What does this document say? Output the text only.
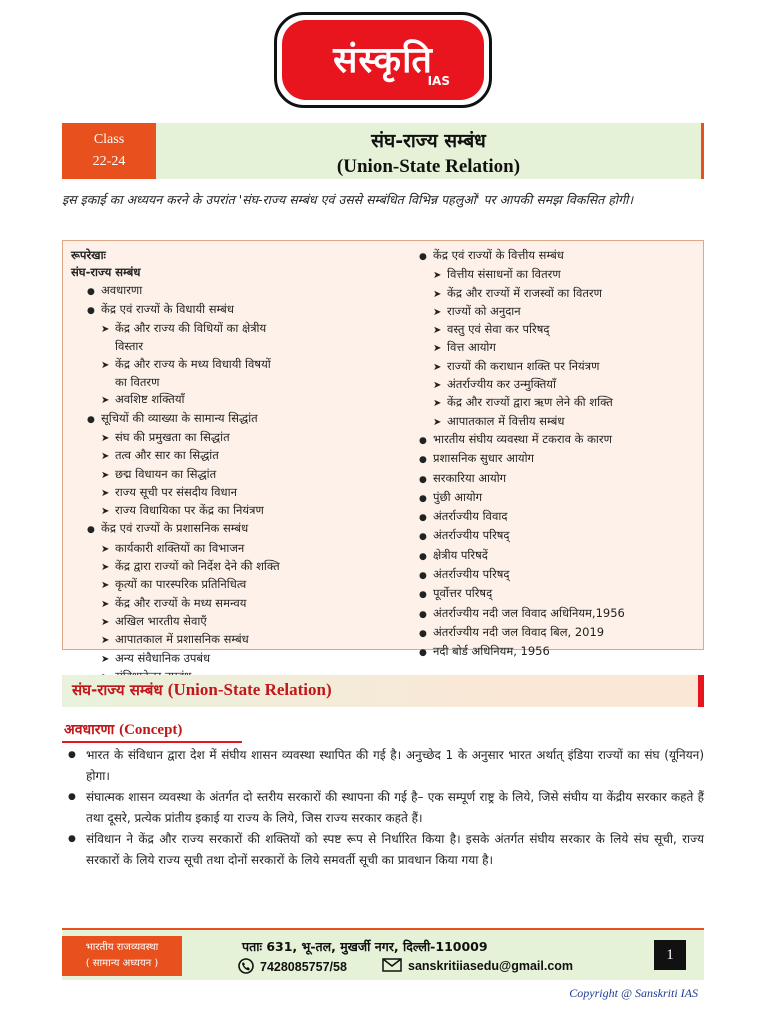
संस्कृति
IAS
Class
22-24
संघ-राज्य सम्बंध
(Union-State Relation)
इस इकाई का अध्ययन करने के उपरांत 'संघ-राज्य सम्बंध एवं उससे सम्बंधित विभिन्न पहलुओं' पर आपकी समझ विकसित होगी।
रूपरेखाः
संघ-राज्य सम्बंध
●अवधारणा
●केंद्र एवं राज्यों के विधायी सम्बंध
➤केंद्र और राज्य की विधियों का क्षेत्रीय
विस्तार
➤केंद्र और राज्य के मध्य विधायी विषयों
का वितरण
➤अवशिष्ट शक्तियाँ
●सूचियों की व्याख्या के सामान्य सिद्धांत
➤संघ की प्रमुखता का सिद्धांत
➤तत्व और सार का सिद्धांत
➤छद्म विधायन का सिद्धांत
➤राज्य सूची पर संसदीय विधान
➤राज्य विधायिका पर केंद्र का नियंत्रण
●केंद्र एवं राज्यों के प्रशासनिक सम्बंध
➤कार्यकारी शक्तियों का विभाजन
➤केंद्र द्वारा राज्यों को निर्देश देने की शक्ति
➤कृत्यों का पारस्परिक प्रतिनिधित्व
➤केंद्र और राज्यों के मध्य समन्वय
➤अखिल भारतीय सेवाएँ
➤आपातकाल में प्रशासनिक सम्बंध
➤अन्य संवैधानिक उपबंध
➤
●केंद्र एवं राज्यों के वित्तीय सम्बंध
➤वित्तीय संसाधनों का वितरण
➤केंद्र और राज्यों में राजस्वों का वितरण
➤राज्यों को अनुदान
➤वस्तु एवं सेवा कर परिषद्
➤वित्त आयोग
➤राज्यों की कराधान शक्ति पर नियंत्रण
➤अंतर्राज्यीय कर उन्मुक्तियाँ
➤केंद्र और राज्यों द्वारा ऋण लेने की शक्ति
➤आपातकाल में वित्तीय सम्बंध
●भारतीय संघीय व्यवस्था में टकराव के कारण
●प्रशासनिक सुधार आयोग
●सरकारिया आयोग
●पुंछी आयोग
●अंतर्राज्यीय विवाद
●अंतर्राज्यीय परिषद्
●क्षेत्रीय परिषदें
●अंतर्राज्यीय परिषद्
●पूर्वोत्तर परिषद्
●अंतर्राज्यीय नदी जल विवाद अधिनियम,1956
●अंतर्राज्यीय नदी जल विवाद बिल, 2019
●नदी बोर्ड अधिनियम, 1956
संघ-राज्य सम्बंध (Union-State Relation)
अवधारणा (Concept)
● भारत के संविधान द्वारा देश में संघीय शासन व्यवस्था स्थापित की गई है। अनुच्छेद 1 के अनुसार भारत अर्थात् इंडिया राज्यों का संघ (यूनियन) होगा।
● संघात्मक शासन व्यवस्था के अंतर्गत दो स्तरीय सरकारों की स्थापना की गई है– एक सम्पूर्ण राष्ट्र के लिये, जिसे संघीय या केंद्रीय सरकार कहते हैं तथा दूसरे, प्रत्येक प्रांतीय इकाई या राज्य के लिये, जिस राज्य सरकार कहते हैं।
● संविधान ने केंद्र और राज्य सरकारों की शक्तियों को स्पष्ट रूप से निर्धारित किया है। इसके अंतर्गत संघीय सरकार के लिये संघ सूची, राज्य सरकारों के लिये राज्य सूची तथा दोनों सरकारों के लिये समवर्ती सूची का प्रावधान किया गया है।
भारतीय राजव्यवस्था
( सामान्य अध्ययन )
पताः 631, भू-तल, मुखर्जी नगर, दिल्ली-110009
7428085757/58	sanskritiiasedu@gmail.com
1
Copyright @ Sanskriti IAS
